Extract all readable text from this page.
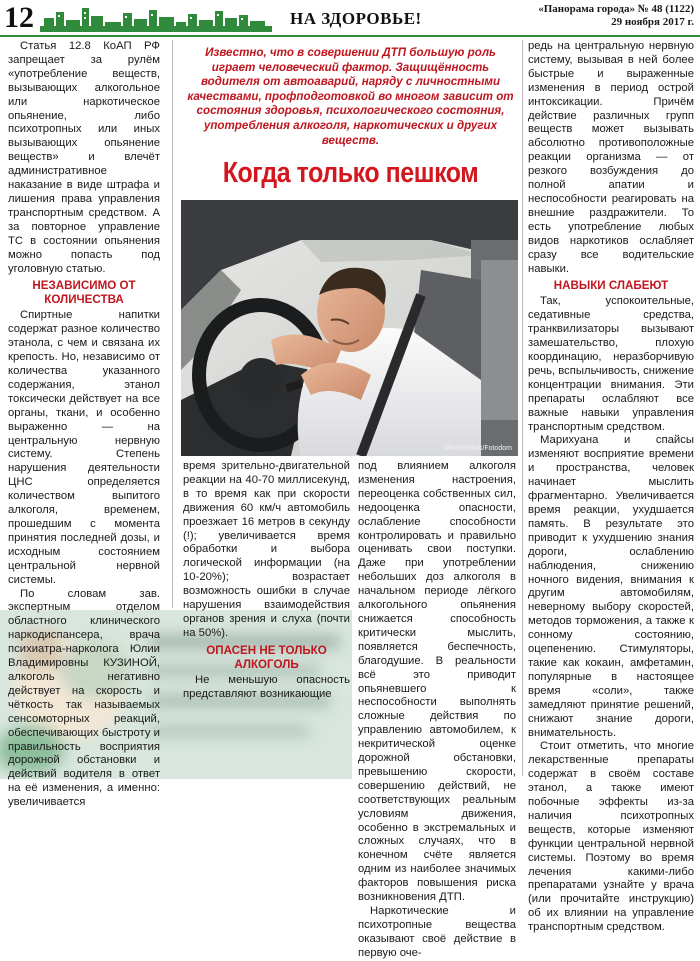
12	НА ЗДОРОВЬЕ!	«Панорама города» № 48 (1122)
29 ноября 2017 г.
Известно, что в совершении ДТП большую роль играет человеческий фактор. Защищённость водителя от автоаварий, наряду с личностными качествами, профподготовкой во многом зависит от состояния здоровья, психологического состояния, употребления алкоголя, наркотических и других веществ.
Когда только пешком
Shutterstock/Fotodom

Статья 12.8 КоАП РФ запрещает за рулём «употребление веществ, вызывающих алкогольное или наркотическое опьянение, либо психотропных или иных вызывающих опьянение веществ» и влечёт административное наказание в виде штрафа и лишения права управления транспортным средством. А за повторное управление ТС в состоянии опьянения можно попасть под уголовную статью.

НЕЗАВИСИМО ОТ КОЛИЧЕСТВА

Спиртные напитки содержат разное количество этанола, с чем и связана их крепость. Но, независимо от количества указанного содержания, этанол токсически действует на все органы, ткани, и особенно выраженно — на центральную нервную систему. Степень нарушения деятельности ЦНС определяется количеством выпитого алкоголя, временем, прошедшим с момента принятия последней дозы, и исходным состоянием центральной нервной системы.

По словам зав. экспертным отделом областного клинического наркодиспансера, врача психиатра-нарколога Юлии Владимировны КУЗИНОЙ, алкоголь негативно действует на скорость и чёткость так называемых сенсомоторных реакций, обеспечивающих быстроту и правильность восприятия дорожной обстановки и действий водителя в ответ на её изменения, а именно: увеличивается

время зрительно-двигательной реакции на 40-70 миллисекунд, в то время как при скорости движения 60 км/ч автомобиль проезжает 16 метров в секунду (!); увеличивается время обработки и выбора логической информации (на 10-20%); возрастает возможность ошибки в случае нарушения взаимодействия органов зрения и слуха (почти на 50%).

ОПАСЕН НЕ ТОЛЬКО АЛКОГОЛЬ

Не меньшую опасность представляют возникающие

под влиянием алкоголя изменения настроения, переоценка собственных сил, недооценка опасности, ослабление способности контролировать и правильно оценивать свои поступки. Даже при употреблении небольших доз алкоголя в начальном периоде лёгкого алкогольного опьянения снижается способность критически мыслить, появляется беспечность, благодушие. В реальности всё это приводит опьяневшего к неспособности выполнять сложные действия по управлению автомобилем, к некритической оценке дорожной обстановки, превышению скорости, совершению действий, не соответствующих реальным условиям движения, особенно в экстремальных и сложных случаях, что в конечном счёте является одним из наиболее значимых факторов повышения риска возникновения ДТП.

Наркотические и психотропные вещества оказывают своё действие в первую оче-

редь на центральную нервную систему, вызывая в ней более быстрые и выраженные изменения в период острой интоксикации. Причём действие различных групп веществ может вызывать абсолютно противоположные реакции организма — от резкого возбуждения до полной апатии и неспособности реагировать на внешние раздражители. То есть употребление любых видов наркотиков ослабляет сразу все водительские навыки.

НАВЫКИ СЛАБЕЮТ

Так, успокоительные, седативные средства, транквилизаторы вызывают замешательство, плохую координацию, неразборчивую речь, вспыльчивость, снижение концентрации внимания. Эти препараты ослабляют все важные навыки управления транспортным средством.

Марихуана и спайсы изменяют восприятие времени и пространства, человек начинает мыслить фрагментарно. Увеличивается время реакции, ухудшается память. В результате это приводит к ухудшению знания дороги, ослаблению наблюдения, снижению ночного видения, внимания к другим автомобилям, неверному выбору скоростей, методов торможения, а также к сонному состоянию, оцепенению. Стимуляторы, такие как кокаин, амфетамин, популярные в настоящее время «соли», также замедляют принятие решений, снижают знание дороги, внимательность.

Стоит отметить, что многие лекарственные препараты содержат в своём составе этанол, а также имеют побочные эффекты из-за наличия психотропных веществ, которые изменяют функции центральной нервной системы. Поэтому во время лечения какими-либо препаратами узнайте у врача (или прочитайте инструкцию) об их влиянии на управление транспортным средством.
